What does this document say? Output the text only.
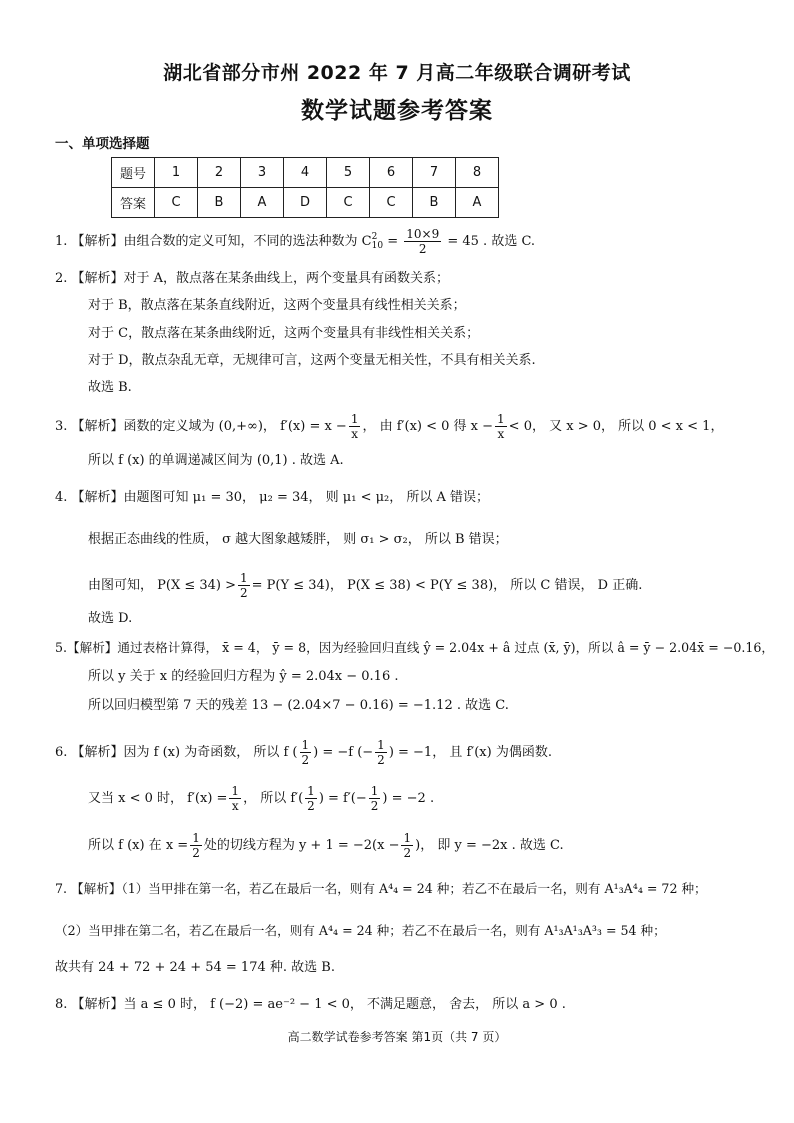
湖北省部分市州 2022 年 7 月高二年级联合调研考试
数学试题参考答案
一、单项选择题
题号	1	2	3	4	5	6	7	8
答案	C	B	A	D	C	C	B	A
1. 【解析】由组合数的定义可知，不同的选法种数为 C 2
$10 = \frac{10\times 9}{2} = 45$ . 故选 C.
2. 【解析】对于 A，散点落在某条曲线上，两个变量具有函数关系；
对于 B，散点落在某条直线附近，这两个变量具有线性相关关系；
对于 C，散点落在某条曲线附近，这两个变量具有非线性相关关系；
对于 D，散点杂乱无章，无规律可言，这两个变量无相关性，不具有相关关系.
故选 B.
3. 【解析】函数的定义域为 (0,+∞)， $f'(x) = x - \frac{1}{x}$ ， 由 f′(x) < 0 得 $x - \frac{1}{x} < 0$， 又 x > 0， 所以 0 < x < 1，
所以 f (x) 的单调递减区间为 (0,1) . 故选 A.
4. 【解析】由题图可知 μ₁ = 30， μ₂ = 34， 则 μ₁ < μ₂， 所以 A 错误；
根据正态曲线的性质， σ 越大图象越矮胖， 则 σ₁ > σ₂， 所以 B 错误；
由图可知， $P(X \le 34) > \frac{1}{2} = P(Y \le 34)$， P(X ≤ 38) < P(Y ≤ 38)， 所以 C 错误， D 正确.
故选 D.
5.【解析】通过表格计算得， x̄ = 4， ȳ = 8，因为经验回归直线 ŷ = 2.04x + â 过点 (x̄, ȳ)，所以 â = ȳ − 2.04x̄ = −0.16，
所以 y 关于 x 的经验回归方程为 ŷ = 2.04x − 0.16 .
所以回归模型第 7 天的残差 13 − (2.04×7 − 0.16) = −1.12 . 故选 C.
6. 【解析】因为 f (x) 为奇函数， 所以 f ( $\frac{1}{2}$ ) = −f (− $\frac{1}{2}$ ) = −1， 且 f′(x) 为偶函数.
又当 x < 0 时， $f'(x) = \frac{1}{x}$ ， 所以 $f'( \frac{1}{2}$ ) = $f'(- \frac{1}{2}$ ) = −2 .
所以 f (x) 在 $x = \frac{1}{2}$ 处的切线方程为 $y + 1 = -2(x - \frac{1}{2}$ )， 即 y = −2x . 故选 C.
7. 【解析】（1）当甲排在第一名，若乙在最后一名，则有 A⁴₄ = 24 种；若乙不在最后一名，则有 A¹₃A⁴₄ = 72 种；
（2）当甲排在第二名，若乙在最后一名，则有 A⁴₄ = 24 种；若乙不在最后一名，则有 A¹₃A¹₃A³₃ = 54 种；
故共有 24 + 72 + 24 + 54 = 174 种. 故选 B.
8. 【解析】当 a ≤ 0 时， f (−2) = ae⁻² − 1 < 0， 不满足题意， 舍去， 所以 a > 0 .
高二数学试卷参考答案 第1页（共 7 页）
